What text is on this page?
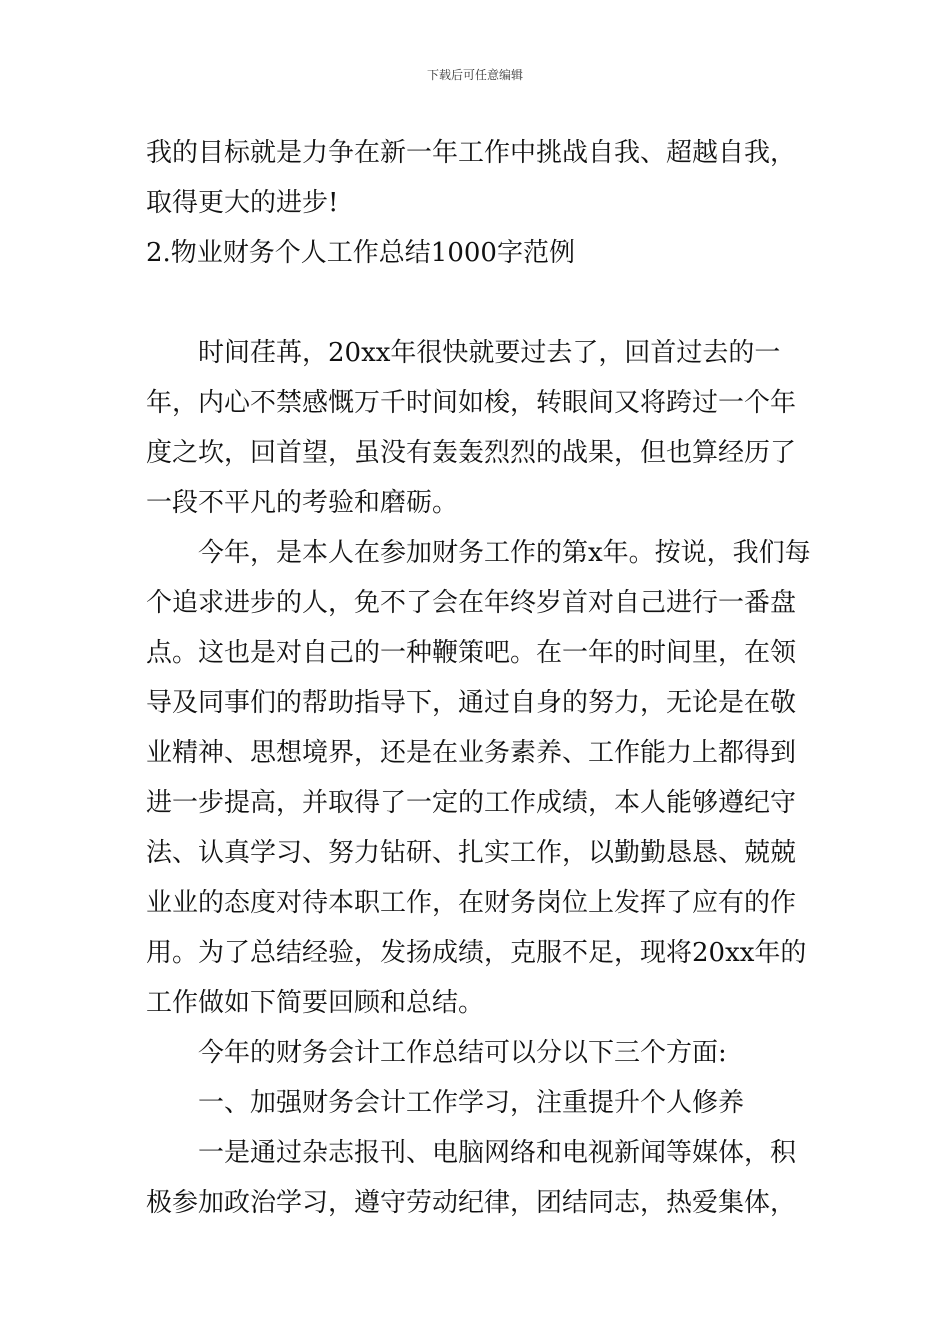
下载后可任意编辑

我的目标就是力争在新一年工作中挑战自我、超越自我，取得更大的进步!

2.物业财务个人工作总结1000字范例

时间荏苒，20xx年很快就要过去了，回首过去的一年，内心不禁感慨万千时间如梭，转眼间又将跨过一个年度之坎，回首望，虽没有轰轰烈烈的战果，但也算经历了一段不平凡的考验和磨砺。

今年，是本人在参加财务工作的第x年。按说，我们每个追求进步的人，免不了会在年终岁首对自己进行一番盘点。这也是对自己的一种鞭策吧。在一年的时间里，在领导及同事们的帮助指导下，通过自身的努力，无论是在敬业精神、思想境界，还是在业务素养、工作能力上都得到进一步提高，并取得了一定的工作成绩，本人能够遵纪守法、认真学习、努力钻研、扎实工作，以勤勤恳恳、兢兢业业的态度对待本职工作，在财务岗位上发挥了应有的作用。为了总结经验，发扬成绩，克服不足，现将20xx年的工作做如下简要回顾和总结。

今年的财务会计工作总结可以分以下三个方面:

一、加强财务会计工作学习，注重提升个人修养

一是通过杂志报刊、电脑网络和电视新闻等媒体，积极参加政治学习，遵守劳动纪律，团结同志，热爱集体，
